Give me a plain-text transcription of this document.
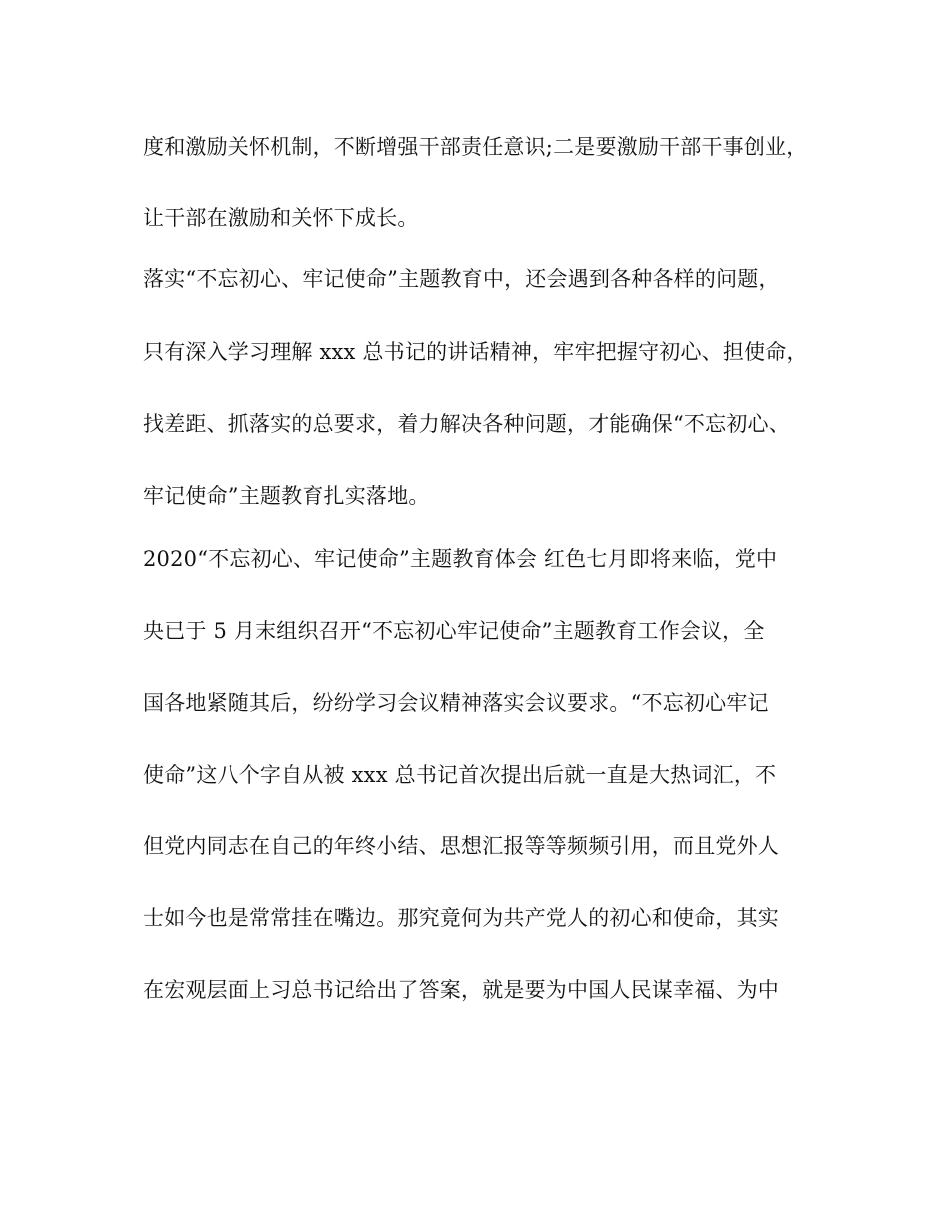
度和激励关怀机制，不断增强干部责任意识;二是要激励干部干事创业，
让干部在激励和关怀下成长。
落实“不忘初心、牢记使命”主题教育中，还会遇到各种各样的问题，
只有深入学习理解 xxx 总书记的讲话精神，牢牢把握守初心、担使命，
找差距、抓落实的总要求，着力解决各种问题，才能确保“不忘初心、
牢记使命”主题教育扎实落地。
2020“不忘初心、牢记使命”主题教育体会 红色七月即将来临，党中
央已于 5 月末组织召开“不忘初心牢记使命”主题教育工作会议，全
国各地紧随其后，纷纷学习会议精神落实会议要求。“不忘初心牢记
使命”这八个字自从被 xxx 总书记首次提出后就一直是大热词汇，不
但党内同志在自己的年终小结、思想汇报等等频频引用，而且党外人
士如今也是常常挂在嘴边。那究竟何为共产党人的初心和使命，其实
在宏观层面上习总书记给出了答案，就是要为中国人民谋幸福、为中
